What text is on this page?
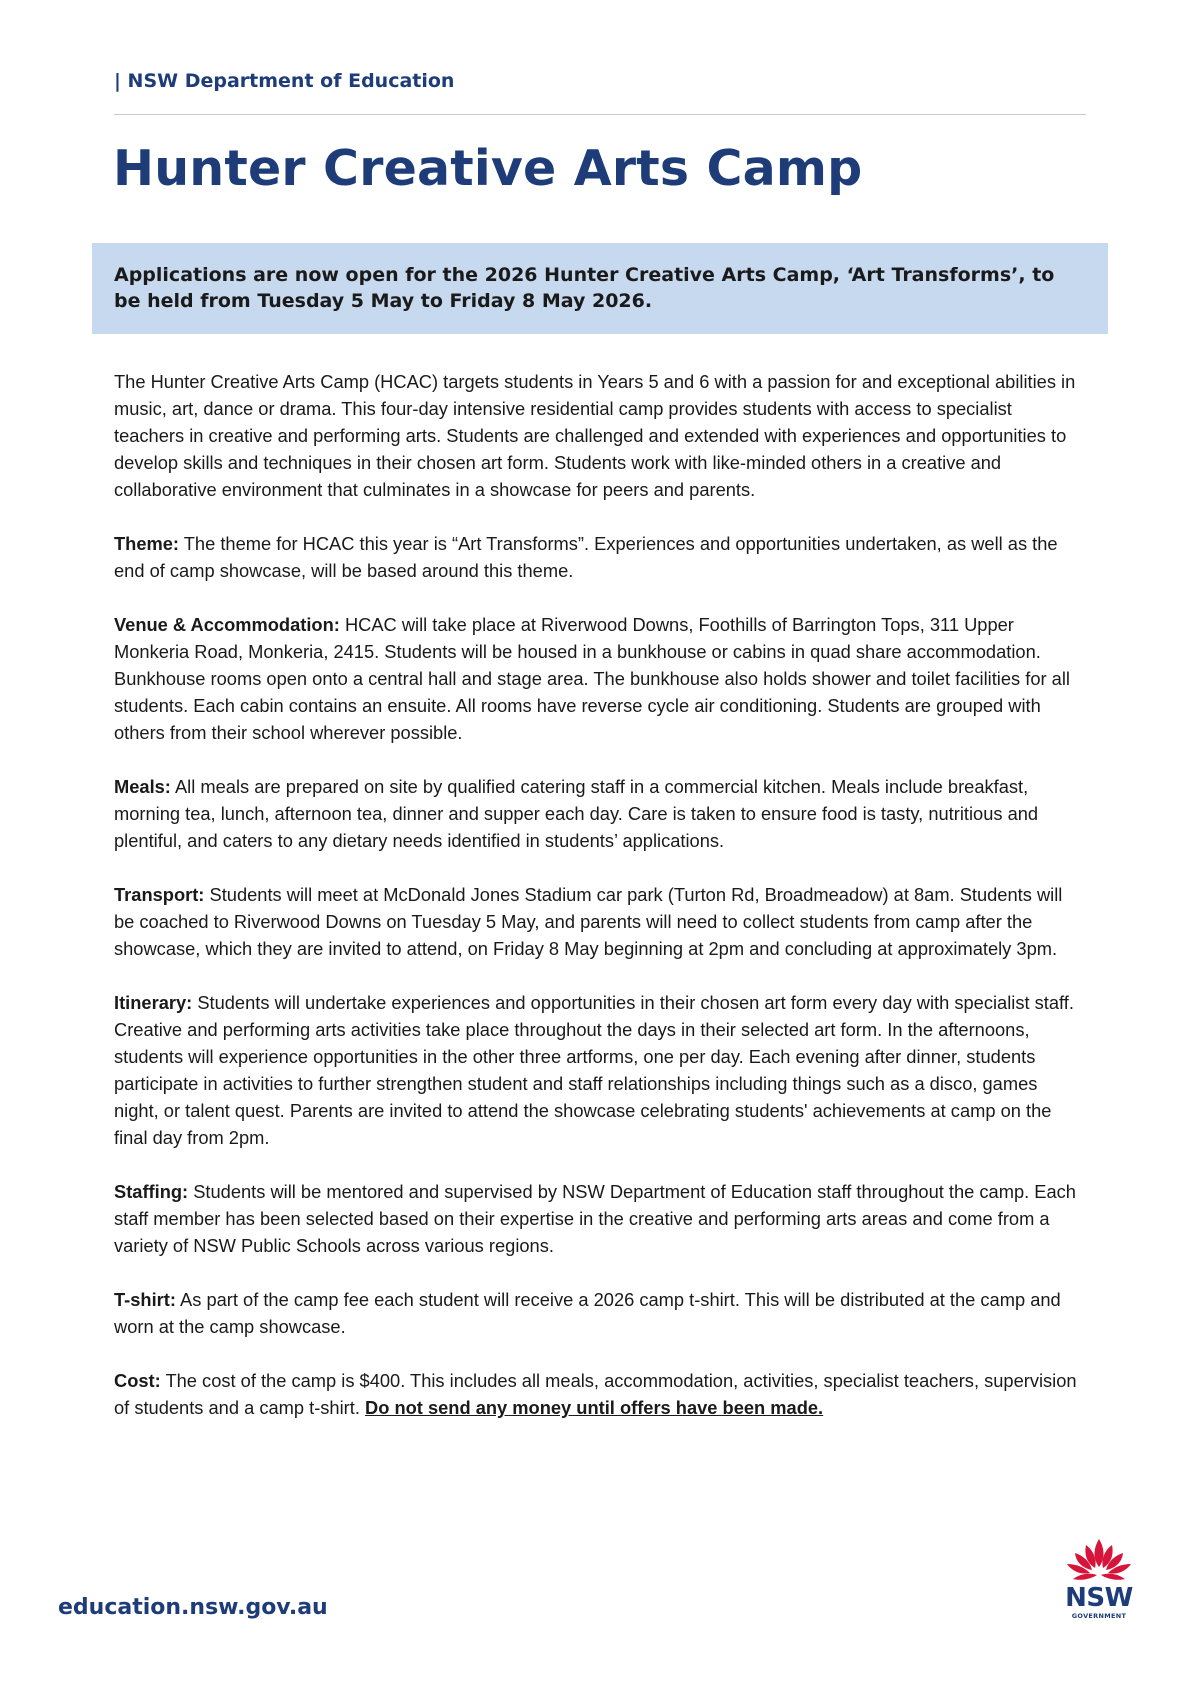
| NSW Department of Education
Hunter Creative Arts Camp

Applications are now open for the 2026 Hunter Creative Arts Camp, ‘Art Transforms’, to be held from Tuesday 5 May to Friday 8 May 2026.

The Hunter Creative Arts Camp (HCAC) targets students in Years 5 and 6 with a passion for and exceptional abilities in music, art, dance or drama. This four-day intensive residential camp provides students with access to specialist teachers in creative and performing arts. Students are challenged and extended with experiences and opportunities to develop skills and techniques in their chosen art form. Students work with like-minded others in a creative and collaborative environment that culminates in a showcase for peers and parents.

Theme: The theme for HCAC this year is “Art Transforms”. Experiences and opportunities undertaken, as well as the end of camp showcase, will be based around this theme.

Venue & Accommodation: HCAC will take place at Riverwood Downs, Foothills of Barrington Tops, 311 Upper Monkeria Road, Monkeria, 2415. Students will be housed in a bunkhouse or cabins in quad share accommodation. Bunkhouse rooms open onto a central hall and stage area. The bunkhouse also holds shower and toilet facilities for all students. Each cabin contains an ensuite. All rooms have reverse cycle air conditioning. Students are grouped with others from their school wherever possible.

Meals: All meals are prepared on site by qualified catering staff in a commercial kitchen. Meals include breakfast, morning tea, lunch, afternoon tea, dinner and supper each day. Care is taken to ensure food is tasty, nutritious and plentiful, and caters to any dietary needs identified in students’ applications.

Transport: Students will meet at McDonald Jones Stadium car park (Turton Rd, Broadmeadow) at 8am. Students will be coached to Riverwood Downs on Tuesday 5 May, and parents will need to collect students from camp after the showcase, which they are invited to attend, on Friday 8 May beginning at 2pm and concluding at approximately 3pm.

Itinerary: Students will undertake experiences and opportunities in their chosen art form every day with specialist staff. Creative and performing arts activities take place throughout the days in their selected art form. In the afternoons, students will experience opportunities in the other three artforms, one per day. Each evening after dinner, students participate in activities to further strengthen student and staff relationships including things such as a disco, games night, or talent quest. Parents are invited to attend the showcase celebrating students' achievements at camp on the final day from 2pm.

Staffing: Students will be mentored and supervised by NSW Department of Education staff throughout the camp. Each staff member has been selected based on their expertise in the creative and performing arts areas and come from a variety of NSW Public Schools across various regions.

T-shirt: As part of the camp fee each student will receive a 2026 camp t-shirt. This will be distributed at the camp and worn at the camp showcase.

Cost: The cost of the camp is $400. This includes all meals, accommodation, activities, specialist teachers, supervision of students and a camp t-shirt. Do not send any money until offers have been made.

education.nsw.gov.au	NSW
GOVERNMENT
